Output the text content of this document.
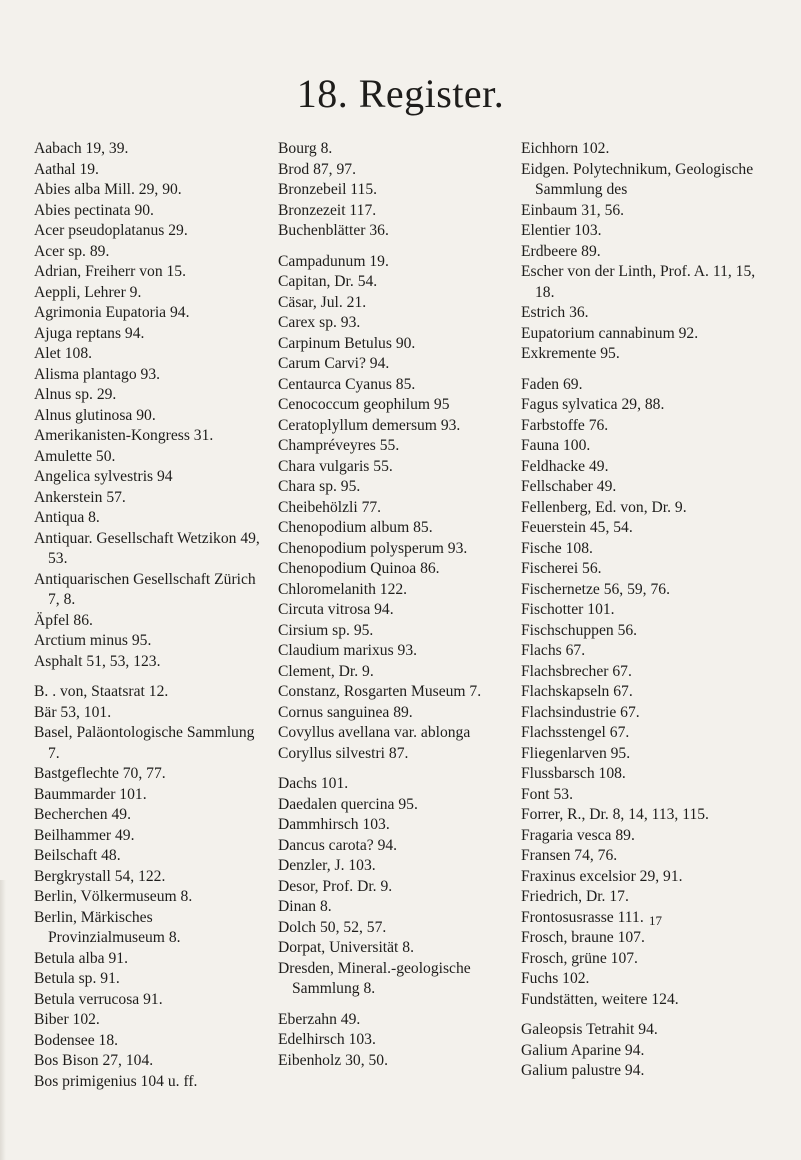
18. Register.
Aabach 19, 39.
Aathal 19.
Abies alba Mill. 29, 90.
Abies pectinata 90.
Acer pseudoplatanus 29.
Acer sp. 89.
Adrian, Freiherr von 15.
Aeppli, Lehrer 9.
Agrimonia Eupatoria 94.
Ajuga reptans 94.
Alet 108.
Alisma plantago 93.
Alnus sp. 29.
Alnus glutinosa 90.
Amerikanisten-Kongress 31.
Amulette 50.
Angelica sylvestris 94
Ankerstein 57.
Antiqua 8.
Antiquar. Gesellschaft Wetzikon 49, 53.
Antiquarischen Gesellschaft Zürich 7, 8.
Äpfel 86.
Arctium minus 95.
Asphalt 51, 53, 123.
B. . von, Staatsrat 12.
Bär 53, 101.
Basel, Paläontologische Sammlung 7.
Bastgeflechte 70, 77.
Baummarder 101.
Becherchen 49.
Beilhammer 49.
Beilschaft 48.
Bergkrystall 54, 122.
Berlin, Völkermuseum 8.
Berlin, Märkisches Provinzialmuseum 8.
Betula alba 91.
Betula sp. 91.
Betula verrucosa 91.
Biber 102.
Bodensee 18.
Bos Bison 27, 104.
Bos primigenius 104 u. ff.
Bourg 8.
Brod 87, 97.
Bronzebeil 115.
Bronzezeit 117.
Buchenblätter 36.
Campadunum 19.
Capitan, Dr. 54.
Cäsar, Jul. 21.
Carex sp. 93.
Carpinum Betulus 90.
Carum Carvi? 94.
Centaurca Cyanus 85.
Cenococcum geophilum 95
Ceratoplyllum demersum 93.
Champréveyres 55.
Chara vulgaris 55.
Chara sp. 95.
Cheibehölzli 77.
Chenopodium album 85.
Chenopodium polysperum 93.
Chenopodium Quinoa 86.
Chloromelanith 122.
Circuta vitrosa 94.
Cirsium sp. 95.
Claudium marixus 93.
Clement, Dr. 9.
Constanz, Rosgarten Museum 7.
Cornus sanguinea 89.
Covyllus avellana var. ablonga
Coryllus silvestri 87.
Dachs 101.
Daedalen quercina 95.
Dammhirsch 103.
Dancus carota? 94.
Denzler, J. 103.
Desor, Prof. Dr. 9.
Dinan 8.
Dolch 50, 52, 57.
Dorpat, Universität 8.
Dresden, Mineral.-geologische Sammlung 8.
Eberzahn 49.
Edelhirsch 103.
Eibenholz 30, 50.
Eichhorn 102.
Eidgen. Polytechnikum, Geologische Sammlung des
Einbaum 31, 56.
Elentier 103.
Erdbeere 89.
Escher von der Linth, Prof. A. 11, 15, 18.
Estrich 36.
Eupatorium cannabinum 92.
Exkremente 95.
Faden 69.
Fagus sylvatica 29, 88.
Farbstoffe 76.
Fauna 100.
Feldhacke 49.
Fellschaber 49.
Fellenberg, Ed. von, Dr. 9.
Feuerstein 45, 54.
Fische 108.
Fischerei 56.
Fischernetze 56, 59, 76.
Fischotter 101.
Fischschuppen 56.
Flachs 67.
Flachsbrecher 67.
Flachskapseln 67.
Flachsindustrie 67.
Flachsstengel 67.
Fliegenlarven 95.
Flussbarsch 108.
Font 53.
Forrer, R., Dr. 8, 14, 113, 115.
Fragaria vesca 89.
Fransen 74, 76.
Fraxinus excelsior 29, 91.
Friedrich, Dr. 17.
Frontosusrasse 111.
Frosch, braune 107.
Frosch, grüne 107.
Fuchs 102.
Fundstätten, weitere 124.
Galeopsis Tetrahit 94.
Galium Aparine 94.
Galium palustre 94.
17
